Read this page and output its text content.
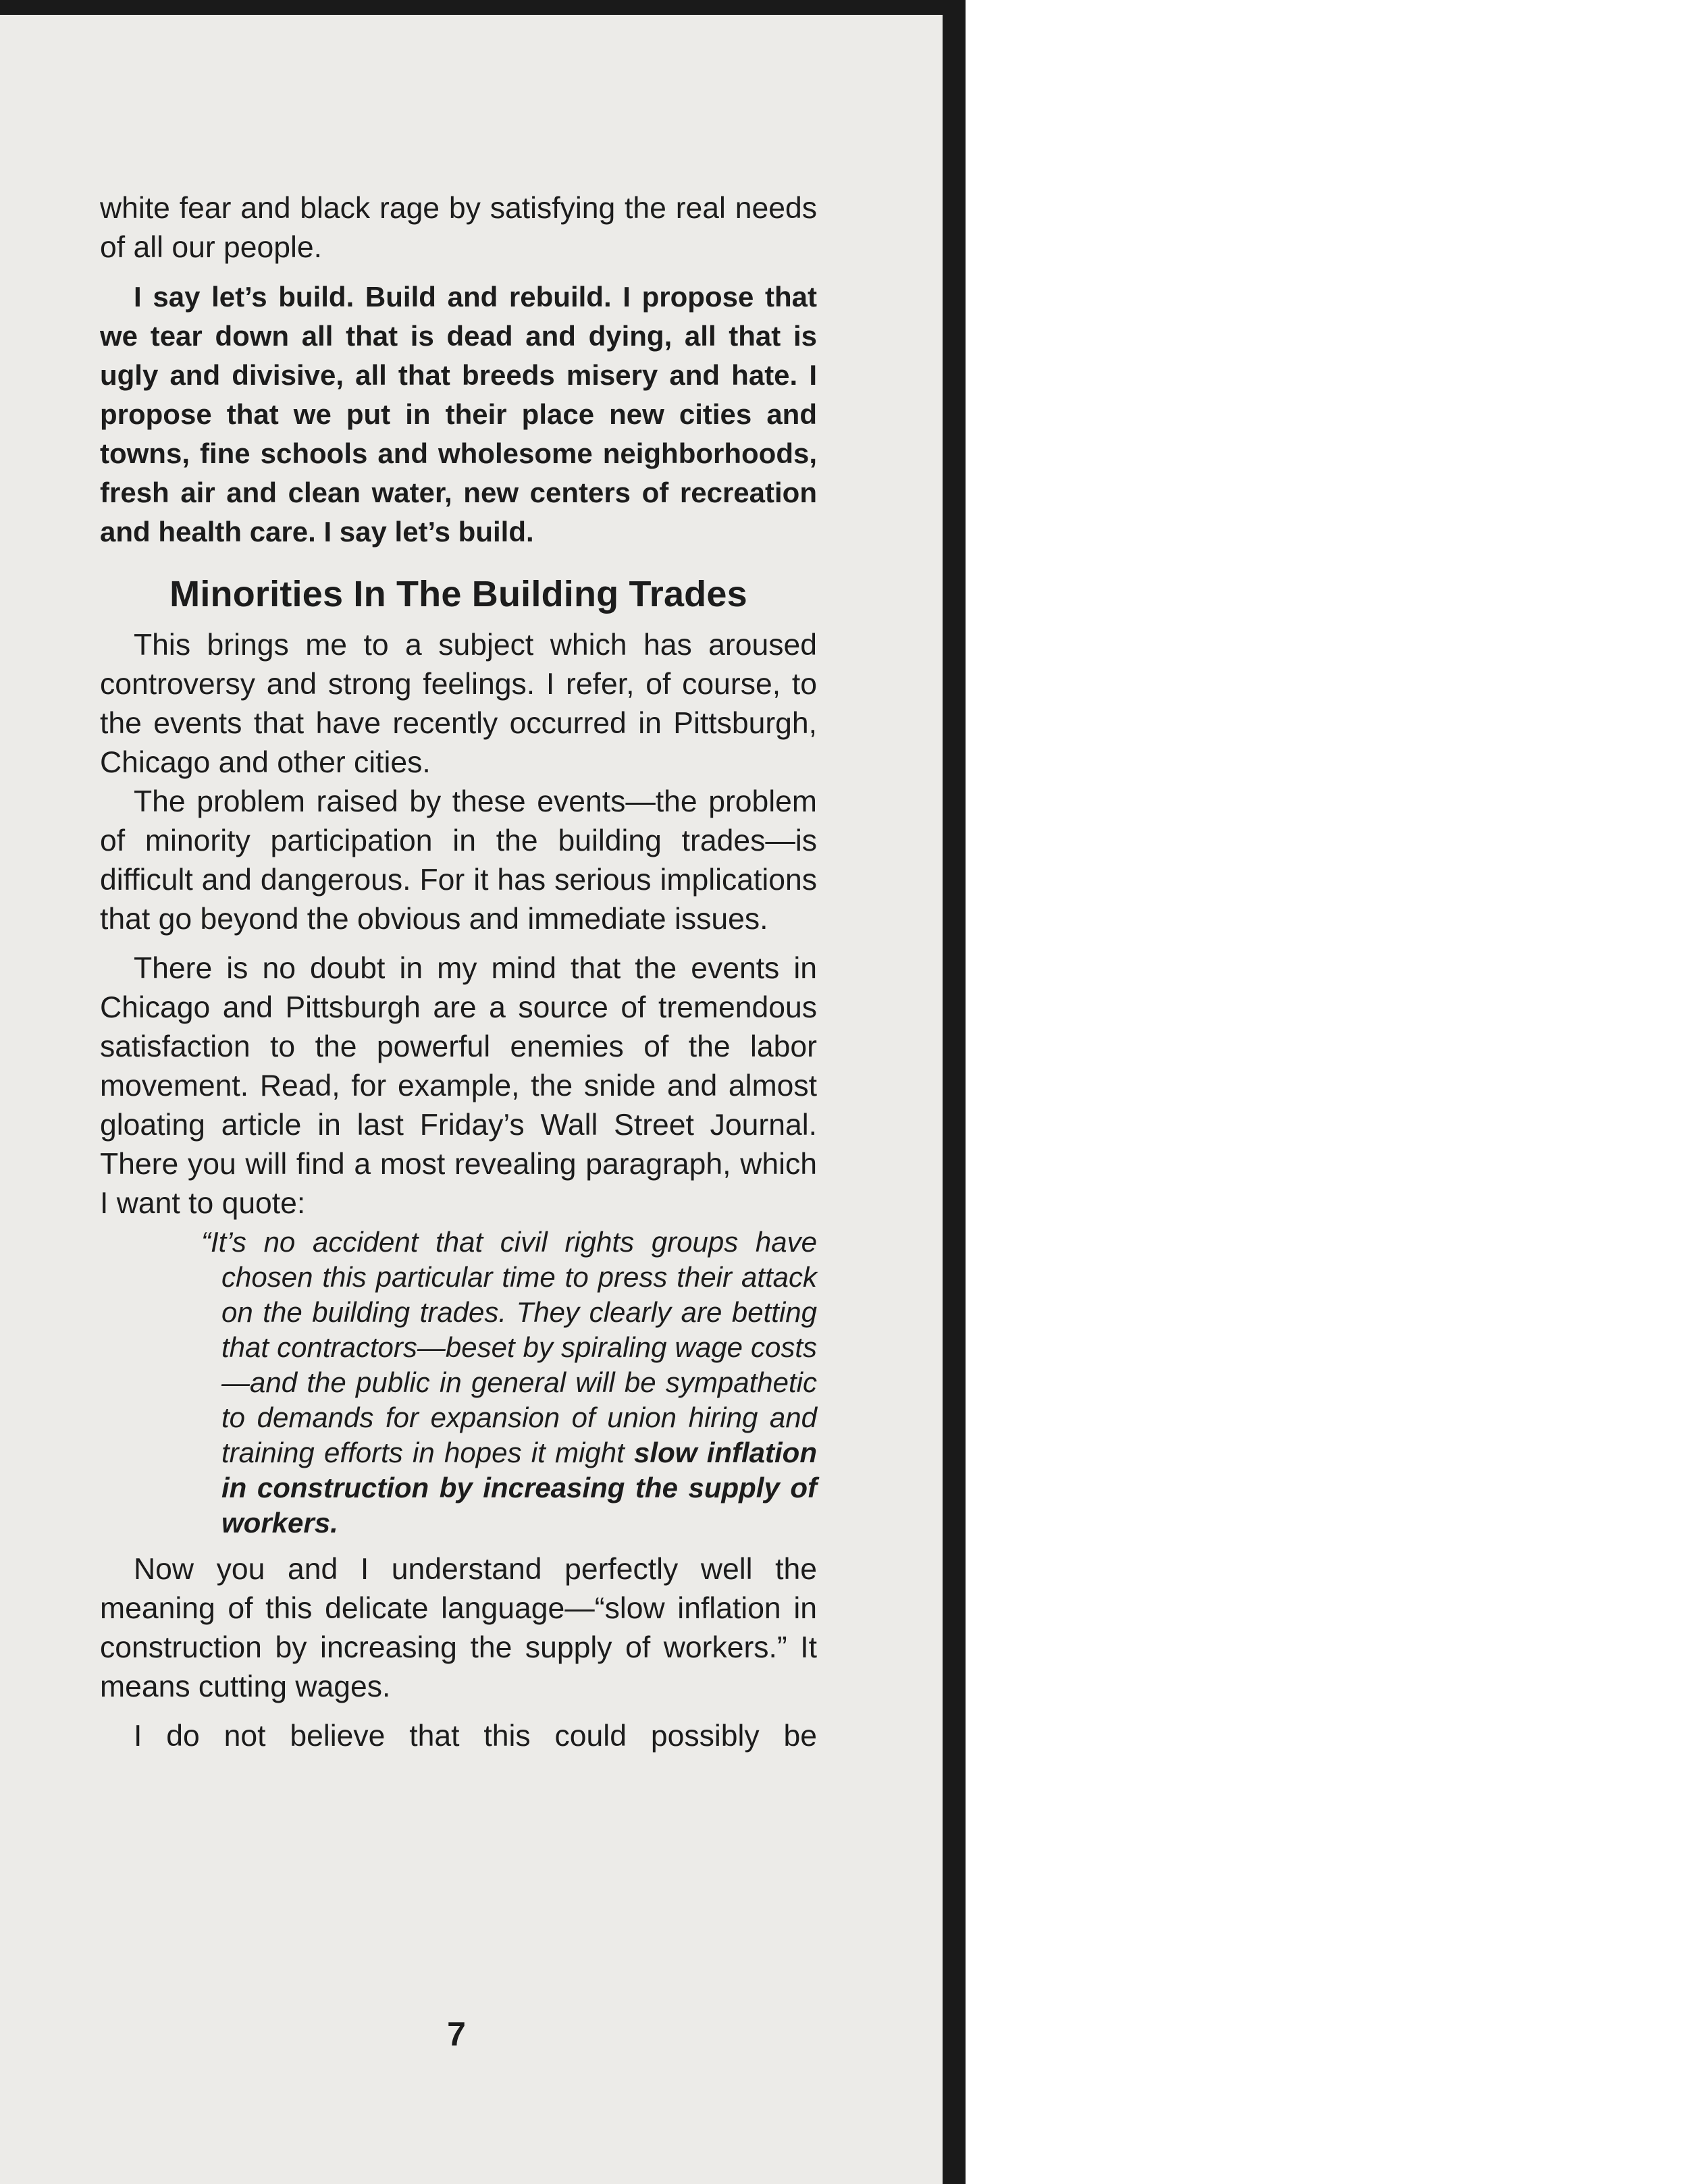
white fear and black rage by satisfying the real needs of all our people.

I say let’s build. Build and rebuild. I propose that we tear down all that is dead and dying, all that is ugly and divisive, all that breeds misery and hate. I propose that we put in their place new cities and towns, fine schools and wholesome neighborhoods, fresh air and clean water, new centers of recreation and health care. I say let’s build.

Minorities In The Building Trades

This brings me to a subject which has aroused controversy and strong feelings. I refer, of course, to the events that have recently occurred in Pittsburgh, Chicago and other cities.

The problem raised by these events—the problem of minority participation in the building trades—is difficult and dangerous. For it has serious implications that go beyond the obvious and immediate issues.

There is no doubt in my mind that the events in Chicago and Pittsburgh are a source of tremendous satisfaction to the powerful enemies of the labor movement. Read, for example, the snide and almost gloating article in last Friday’s Wall Street Journal. There you will find a most revealing paragraph, which I want to quote:

“It’s no accident that civil rights groups have chosen this particular time to press their attack on the building trades. They clearly are betting that contractors—beset by spiraling wage costs—and the public in general will be sympathetic to demands for expansion of union hiring and training efforts in hopes it might slow inflation in construction by increasing the supply of workers.

Now you and I understand perfectly well the meaning of this delicate language—“slow inflation in construction by increasing the supply of workers.” It means cutting wages.

I do not believe that this could possibly be

7
